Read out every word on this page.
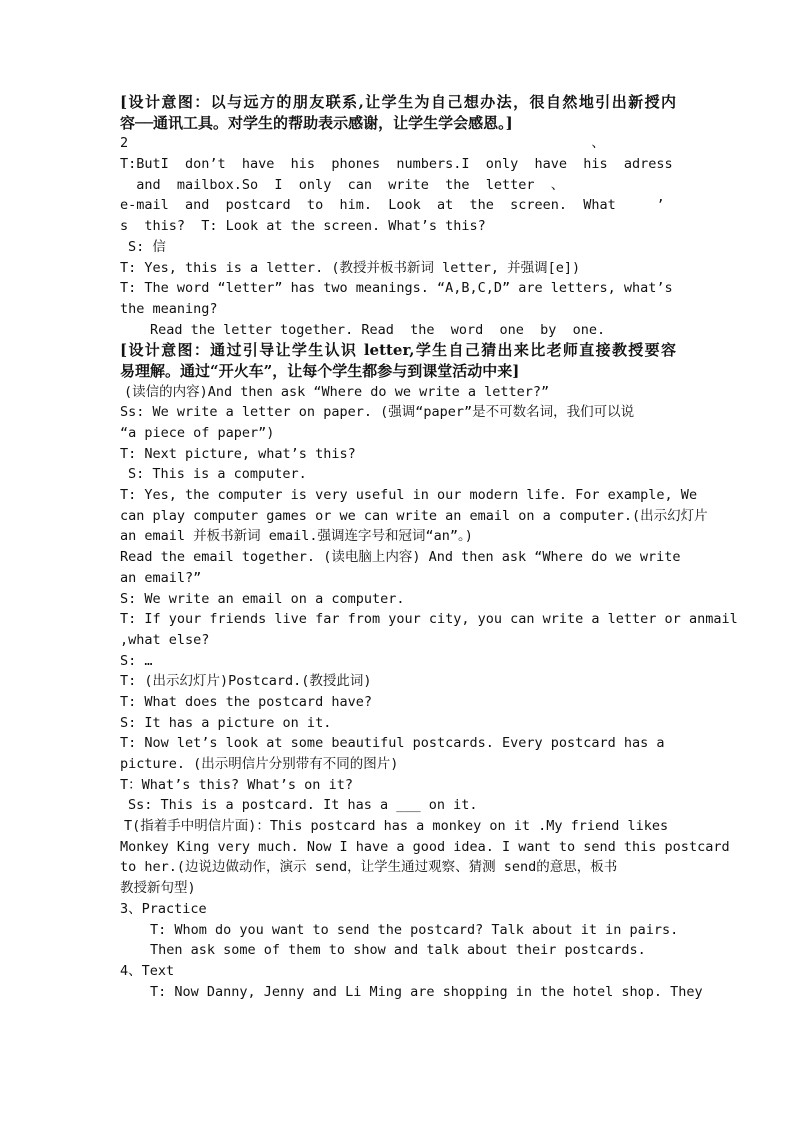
[设计意图：以与远方的朋友联系,让学生为自己想办法，很自然地引出新授内
容──通讯工具。对学生的帮助表示感谢，让学生学会感恩。]
2                                                         、
T:ButI  don’t  have  his  phones  numbers.I  only  have  his  adress
and  mailbox.So  I  only  can  write  the  letter  、
e-mail  and  postcard  to  him.  Look  at  the  screen.  What     ’
s  this?  T: Look at the screen. What’s this?
S: 信
T: Yes, this is a letter. (教授并板书新词 letter, 并强调[e])
T: The word “letter” has two meanings. “A,B,C,D” are letters, what’s
the meaning?
Read the letter together. Read  the  word  one  by  one.
[设计意图：通过引导让学生认识 letter,学生自己猜出来比老师直接教授要容
易理解。通过“开火车”，让每个学生都参与到课堂活动中来]
(读信的内容)And then ask “Where do we write a letter?”
Ss: We write a letter on paper. (强调“paper”是不可数名词，我们可以说
“a piece of paper”)
T: Next picture, what’s this?
S: This is a computer.
T: Yes, the computer is very useful in our modern life. For example, We
can play computer games or we can write an email on a computer.(出示幻灯片
an email 并板书新词 email.强调连字号和冠词“an”。)
Read the email together. (读电脑上内容) And then ask “Where do we write
an email?”
S: We write an email on a computer.
T: If your friends live far from your city, you can write a letter or anmail
,what else?
S: …
T: (出示幻灯片)Postcard.(教授此词)
T: What does the postcard have?
S: It has a picture on it.
T: Now let’s look at some beautiful postcards. Every postcard has a
picture. (出示明信片分别带有不同的图片)
T：What’s this? What’s on it?
Ss: This is a postcard. It has a ___ on it.
T(指着手中明信片面)：This postcard has a monkey on it .My friend likes
Monkey King very much. Now I have a good idea. I want to send this postcard
to her.(边说边做动作，演示 send，让学生通过观察、猜测 send的意思，板书
教授新句型)
3、Practice
T: Whom do you want to send the postcard? Talk about it in pairs.
Then ask some of them to show and talk about their postcards.
4、Text
T: Now Danny, Jenny and Li Ming are shopping in the hotel shop. They
